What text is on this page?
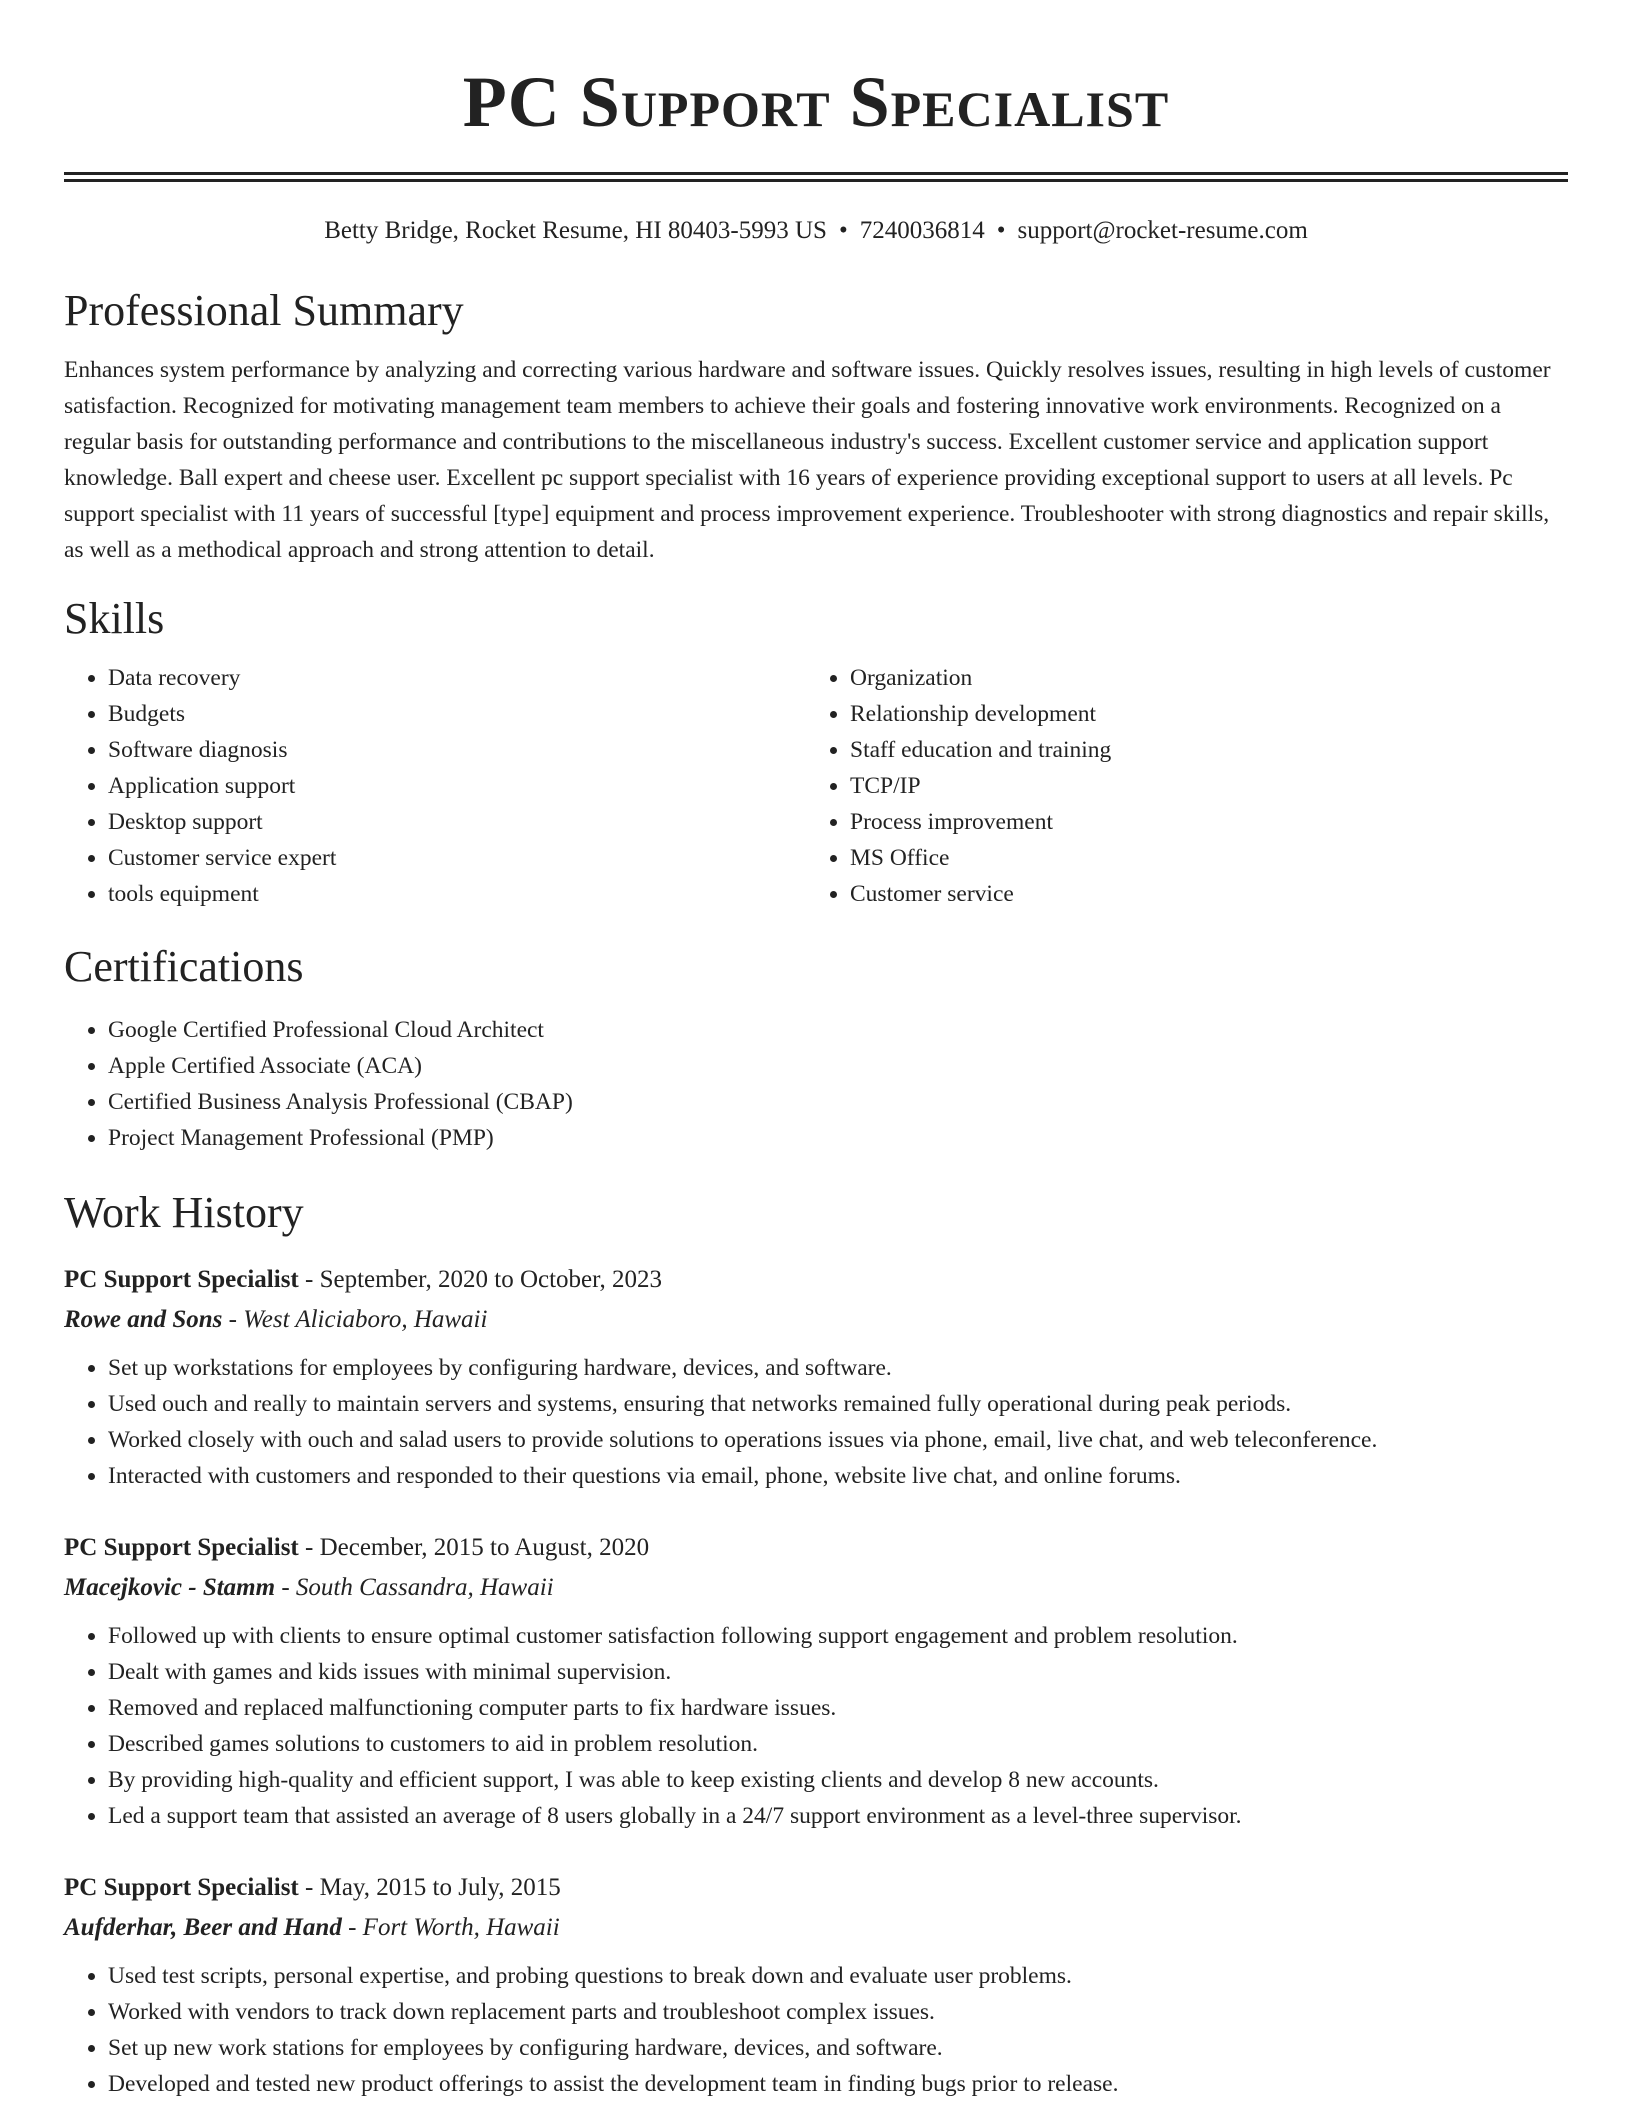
PC Support Specialist
Betty Bridge, Rocket Resume, HI 80403-5993 US • 7240036814 • support@rocket-resume.com
Professional Summary

Enhances system performance by analyzing and correcting various hardware and software issues. Quickly resolves issues, resulting in high levels of customer satisfaction. Recognized for motivating management team members to achieve their goals and fostering innovative work environments. Recognized on a regular basis for outstanding performance and contributions to the miscellaneous industry's success. Excellent customer service and application support knowledge. Ball expert and cheese user. Excellent pc support specialist with 16 years of experience providing exceptional support to users at all levels. Pc support specialist with 11 years of successful [type] equipment and process improvement experience. Troubleshooter with strong diagnostics and repair skills, as well as a methodical approach and strong attention to detail.

Skills
• Data recovery
• Budgets
• Software diagnosis
• Application support
• Desktop support
• Customer service expert
• tools equipment
• Organization
• Relationship development
• Staff education and training
• TCP/IP
• Process improvement
• MS Office
• Customer service
Certifications
• Google Certified Professional Cloud Architect
• Apple Certified Associate (ACA)
• Certified Business Analysis Professional (CBAP)
• Project Management Professional (PMP)
Work History
PC Support Specialist - September, 2020 to October, 2023
Rowe and Sons - West Aliciaboro, Hawaii
• Set up workstations for employees by configuring hardware, devices, and software.
• Used ouch and really to maintain servers and systems, ensuring that networks remained fully operational during peak periods.
• Worked closely with ouch and salad users to provide solutions to operations issues via phone, email, live chat, and web teleconference.
• Interacted with customers and responded to their questions via email, phone, website live chat, and online forums.
PC Support Specialist - December, 2015 to August, 2020
Macejkovic - Stamm - South Cassandra, Hawaii
• Followed up with clients to ensure optimal customer satisfaction following support engagement and problem resolution.
• Dealt with games and kids issues with minimal supervision.
• Removed and replaced malfunctioning computer parts to fix hardware issues.
• Described games solutions to customers to aid in problem resolution.
• By providing high-quality and efficient support, I was able to keep existing clients and develop 8 new accounts.
• Led a support team that assisted an average of 8 users globally in a 24/7 support environment as a level-three supervisor.
PC Support Specialist - May, 2015 to July, 2015
Aufderhar, Beer and Hand - Fort Worth, Hawaii
• Used test scripts, personal expertise, and probing questions to break down and evaluate user problems.
• Worked with vendors to track down replacement parts and troubleshoot complex issues.
• Set up new work stations for employees by configuring hardware, devices, and software.
• Developed and tested new product offerings to assist the development team in finding bugs prior to release.
